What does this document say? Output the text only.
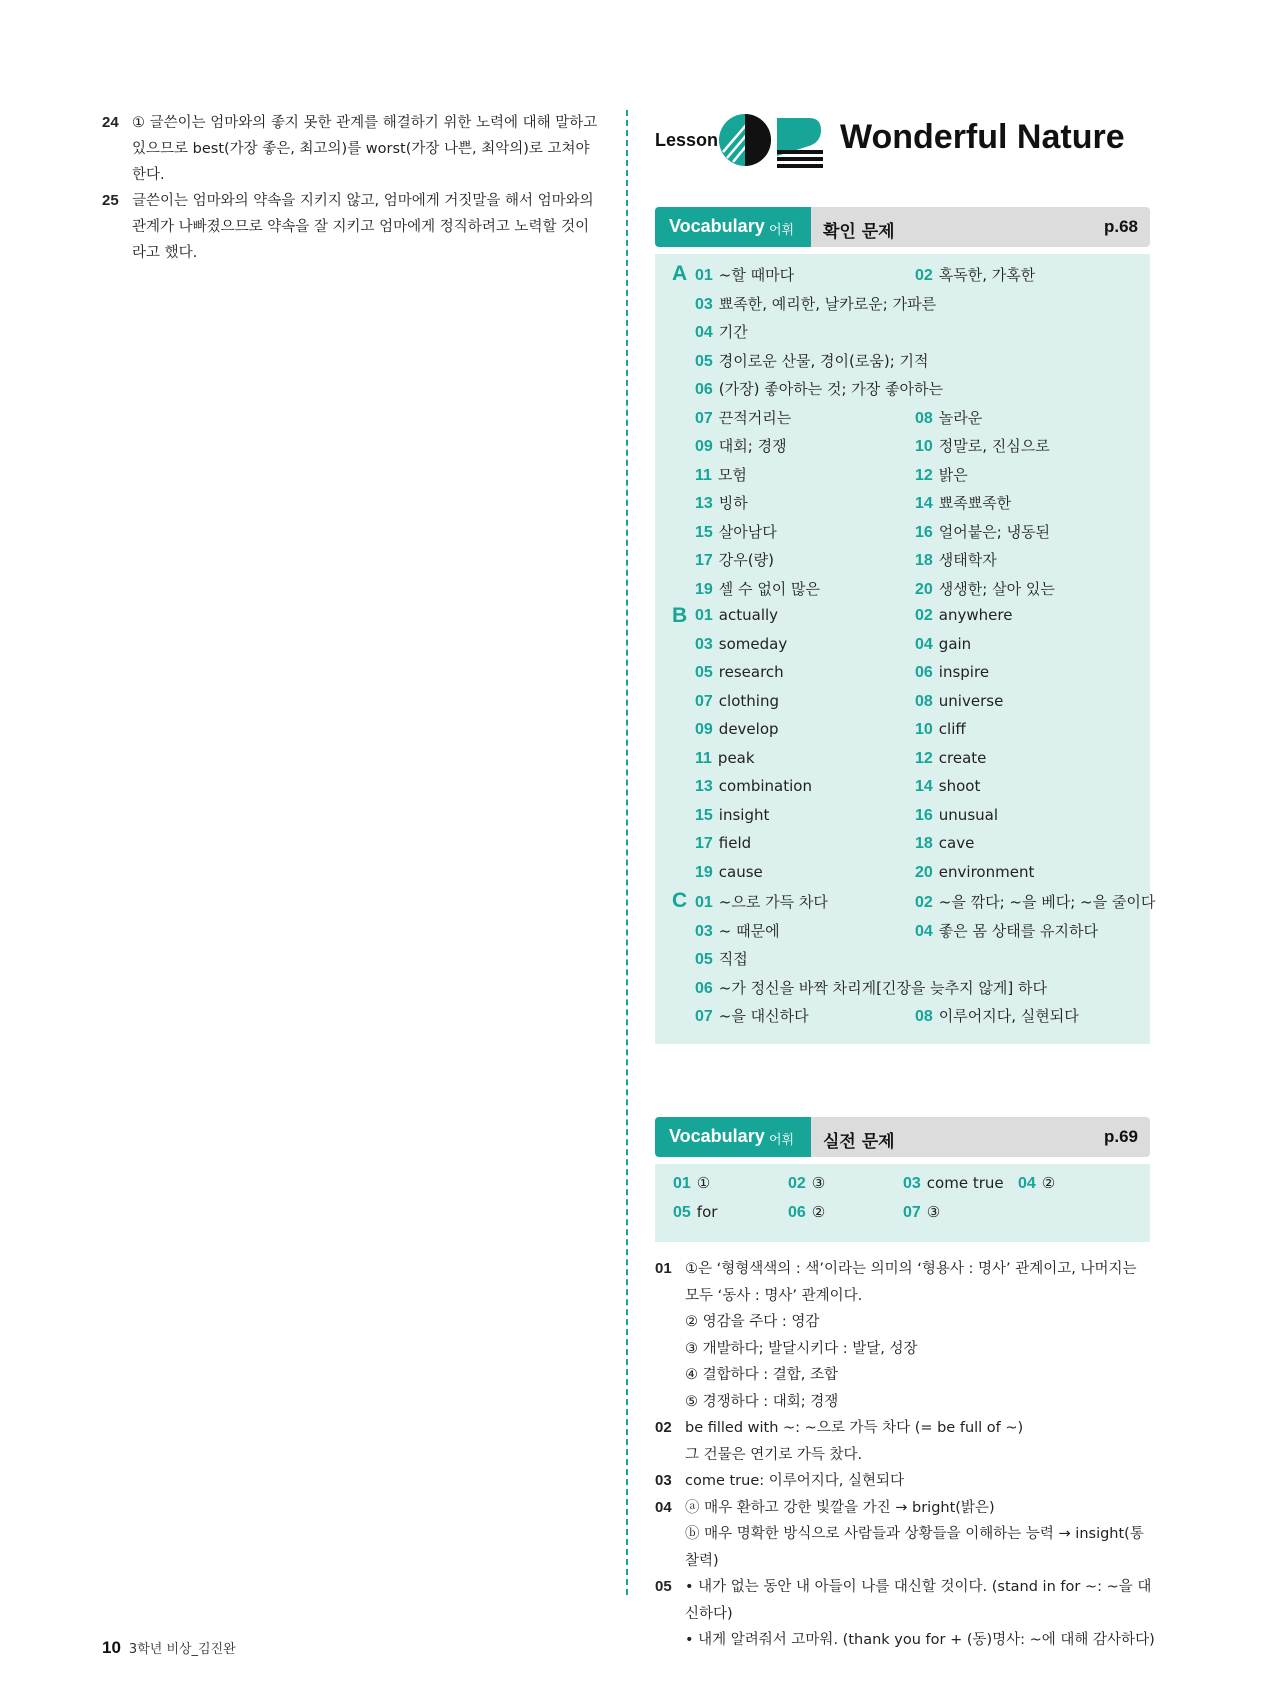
24 ① 글쓴이는 엄마와의 좋지 못한 관계를 해결하기 위한 노력에 대해 말하고 있으므로 best(가장 좋은, 최고의)를 worst(가장 나쁜, 최악의)로 고쳐야 한다.
25 글쓴이는 엄마와의 약속을 지키지 않고, 엄마에게 거짓말을 해서 엄마와의 관계가 나빠졌으므로 약속을 잘 지키고 엄마에게 정직하려고 노력할 것이라고 했다.
Lesson	Wonderful Nature
Vocabulary 어휘 확인 문제	p.68
A 01 ~할 때마다	02 혹독한, 가혹한
03 뾰족한, 예리한, 날카로운; 가파른
04 기간
05 경이로운 산물, 경이(로움); 기적
06 (가장) 좋아하는 것; 가장 좋아하는
07 끈적거리는	08 놀라운
09 대회; 경쟁	10 정말로, 진심으로
11 모험	12 밝은
13 빙하	14 뾰족뾰족한
15 살아남다	16 얼어붙은; 냉동된
17 강우(량)	18 생태학자
19 셀 수 없이 많은	20 생생한; 살아 있는
B 01 actually	02 anywhere
03 someday	04 gain
05 research	06 inspire
07 clothing	08 universe
09 develop	10 cliff
11 peak	12 create
13 combination	14 shoot
15 insight	16 unusual
17 field	18 cave
19 cause	20 environment
C 01 ~으로 가득 차다	02 ~을 깎다; ~을 베다; ~을 줄이다
03 ~ 때문에	04 좋은 몸 상태를 유지하다
05 직접
06 ~가 정신을 바짝 차리게[긴장을 늦추지 않게] 하다
07 ~을 대신하다	08 이루어지다, 실현되다
Vocabulary 어휘 실전 문제	p.69
01 ①	02 ③	03 come true 04 ②
05 for	06 ②	07 ③
01 ①은 ‘형형색색의 : 색’이라는 의미의 ‘형용사 : 명사’ 관계이고, 나머지는 모두 ‘동사 : 명사’ 관계이다.
② 영감을 주다 : 영감
③ 개발하다; 발달시키다 : 발달, 성장
④ 결합하다 : 결합, 조합
⑤ 경쟁하다 : 대회; 경쟁
02 be filled with ~: ~으로 가득 차다 (= be full of ~)
그 건물은 연기로 가득 찼다.
03 come true: 이루어지다, 실현되다
04 ⓐ 매우 환하고 강한 빛깔을 가진 → bright(밝은)
ⓑ 매우 명확한 방식으로 사람들과 상황들을 이해하는 능력 → insight(통찰력)
05 • 내가 없는 동안 내 아들이 나를 대신할 것이다. (stand in for ~: ~을 대신하다)
• 내게 알려줘서 고마워. (thank you for + (동)명사: ~에 대해 감사하다)
10 3학년 비상_김진완
